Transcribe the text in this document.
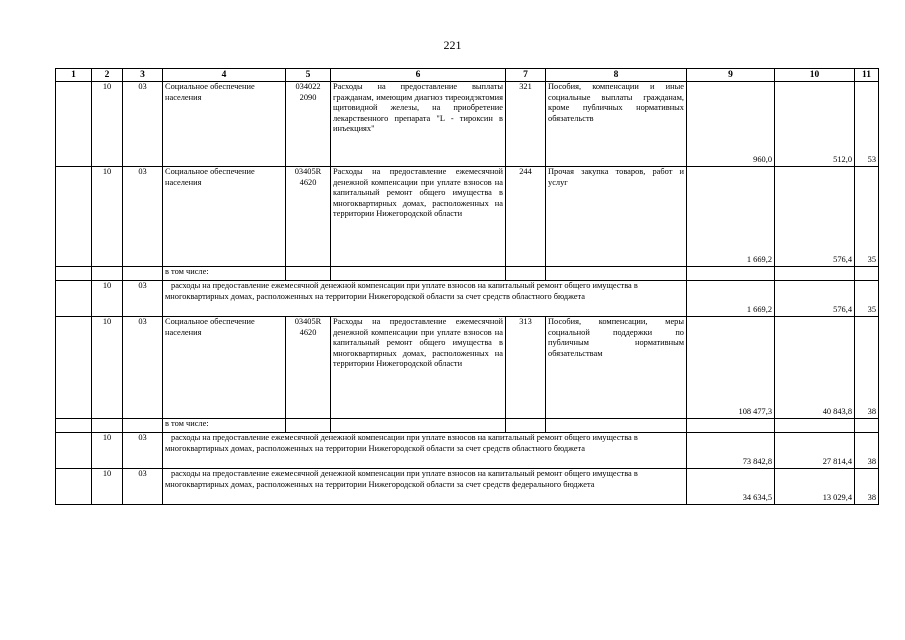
221
1	2	3	4	5	6	7	8	9	10	11
	10	03	Социальное обеспечение населения	034022 2090	Расходы на предоставление выплаты гражданам, имеющим диагноз тиреоидэктомия щитовидной железы, на приобретение лекарственного препарата "L - тироксин в инъекциях"	321	Пособия, компенсации и иные социальные выплаты гражданам, кроме публичных нормативных обязательств	960,0	512,0	53
	10	03	Социальное обеспечение населения	03405R 4620	Расходы на предоставление ежемесячной денежной компенсации при уплате взносов на капитальный ремонт общего имущества в многоквартирных домах, расположенных на территории Нижегородской области	244	Прочая закупка товаров, работ и услуг	1 669,2	576,4	35
			в том числе:							
	10	03	расходы на предоставление ежемесячной денежной компенсации при уплате взносов на капитальный ремонт общего имущества в многоквартирных домах, расположенных на территории Нижегородской области за счет средств областного бюджета					1 669,2	576,4	35
	10	03	Социальное обеспечение населения	03405R 4620	Расходы на предоставление ежемесячной денежной компенсации при уплате взносов на капитальный ремонт общего имущества в многоквартирных домах, расположенных на территории Нижегородской области	313	Пособия, компенсации, меры социальной поддержки по публичным нормативным обязательствам	108 477,3	40 843,8	38
			в том числе:							
	10	03	расходы на предоставление ежемесячной денежной компенсации при уплате взносов на капитальный ремонт общего имущества в многоквартирных домах, расположенных на территории Нижегородской области за счет средств областного бюджета					73 842,8	27 814,4	38
	10	03	расходы на предоставление ежемесячной денежной компенсации при уплате взносов на капитальный ремонт общего имущества в многоквартирных домах, расположенных на территории Нижегородской области за счет средств федерального бюджета					34 634,5	13 029,4	38
